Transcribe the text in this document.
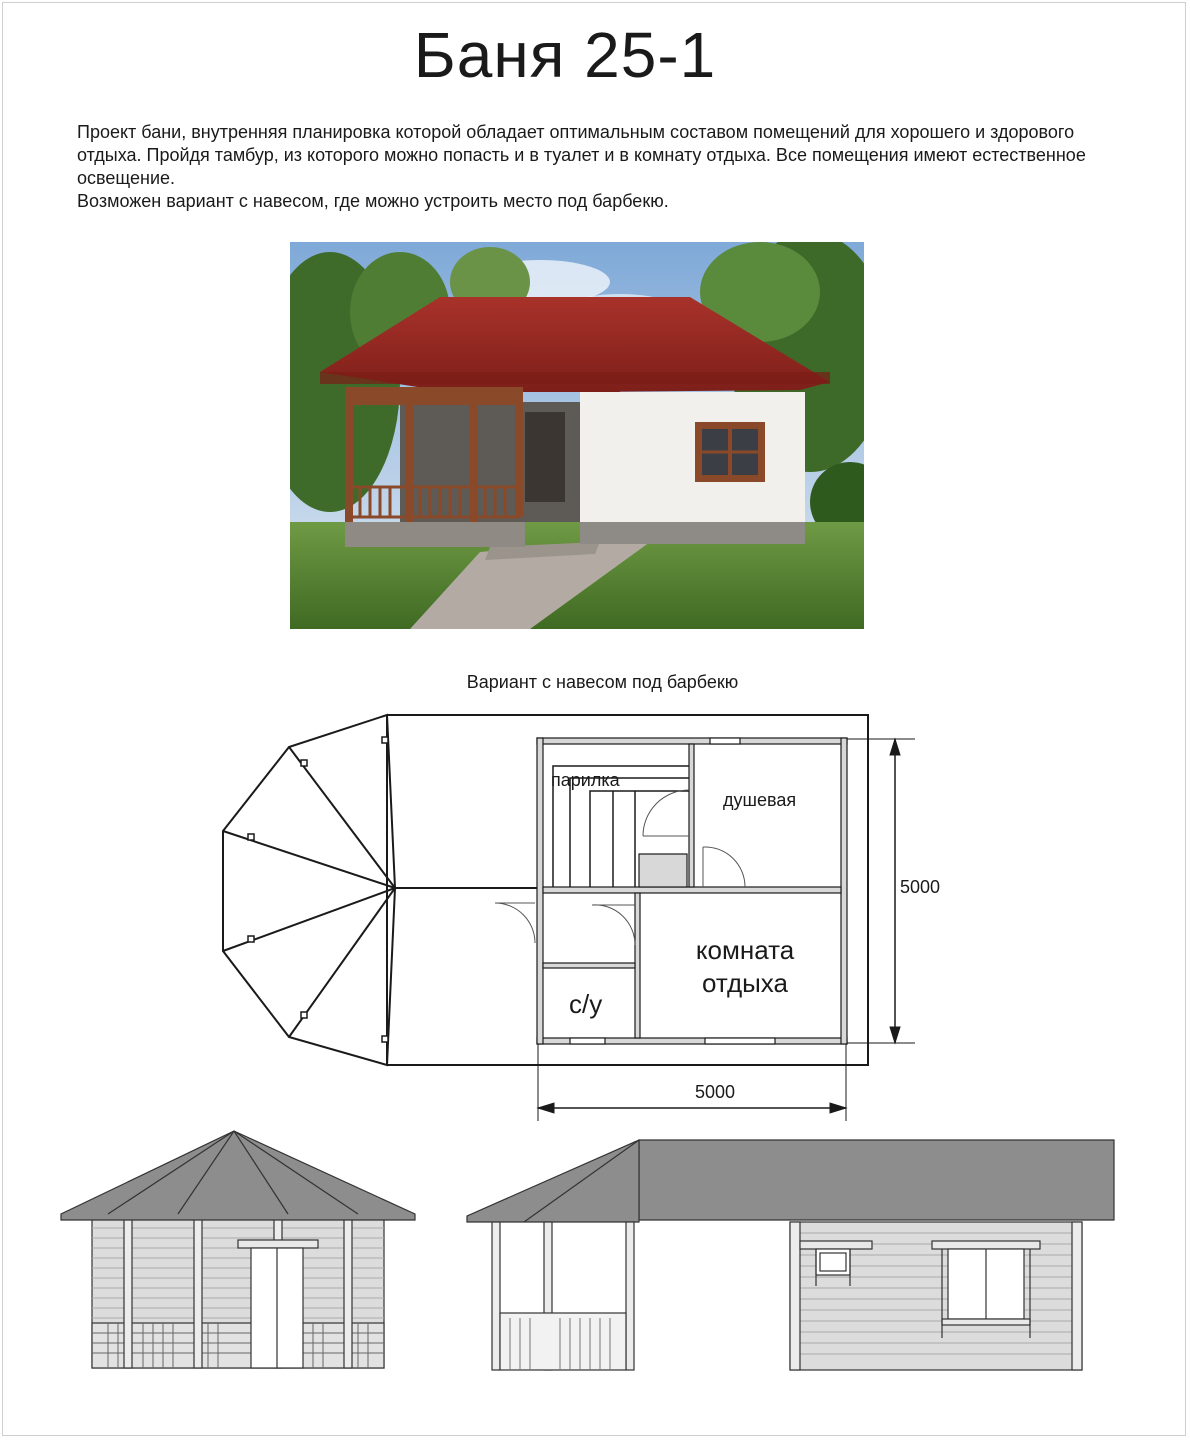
Баня 25-1

Проект бани, внутренняя планировка которой обладает оптимальным составом помещений для хорошего и здорового отдыха. Пройдя тамбур, из которого можно попасть и в туалет и в комнату отдыха. Все помещения имеют естественное освещение.

Возможен вариант с навесом, где можно устроить место под барбекю.

Вариант с навесом под барбекю
парилка
душевая
комната
отдыха
с/у
5000
5000
